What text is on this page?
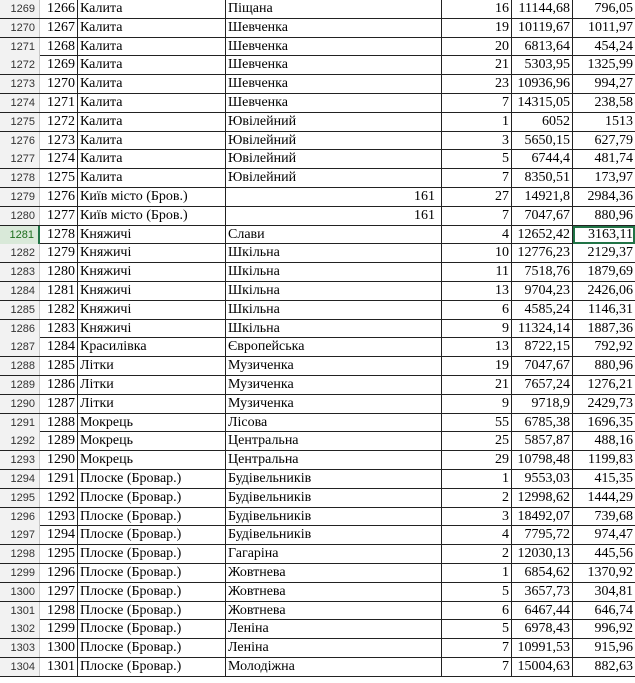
1269 1266 Калита	Піщана	16 11144,68	796,05
1270 1267 Калита	Шевченка	19 10119,67	1011,97
1271 1268 Калита	Шевченка	20	6813,64	454,24
1272 1269 Калита	Шевченка	21	5303,95	1325,99
1273 1270 Калита	Шевченка	23 10936,96	994,27
1274 1271 Калита	Шевченка	7 14315,05	238,58
1275 1272 Калита	Ювілейний	1	6052	1513
1276 1273 Калита	Ювілейний	3	5650,15	627,79
1277 1274 Калита	Ювілейний	5	6744,4	481,74
1278 1275 Калита	Ювілейний	7	8350,51	173,97
1279 1276 Київ місто (Бров.)	161	27	14921,8	2984,36
1280 1277 Київ місто (Бров.)	161	7	7047,67	880,96
1281 1278 Княжичі	Слави	4 12652,42	3163,11
1282 1279 Княжичі	Шкільна	10 12776,23	2129,37
1283 1280 Княжичі	Шкільна	11	7518,76	1879,69
1284 1281 Княжичі	Шкільна	13	9704,23	2426,06
1285 1282 Княжичі	Шкільна	6	4585,24	1146,31
1286 1283 Княжичі	Шкільна	9 11324,14	1887,36
1287 1284 Красилівка	Європейська	13	8722,15	792,92
1288 1285 Літки	Музиченка	19	7047,67	880,96
1289 1286 Літки	Музиченка	21	7657,24	1276,21
1290 1287 Літки	Музиченка	9	9718,9	2429,73
1291 1288 Мокрець	Лісова	55	6785,38	1696,35
1292 1289 Мокрець	Центральна	25	5857,87	488,16
1293 1290 Мокрець	Центральна	29 10798,48	1199,83
1294 1291 Плоске (Бровар.)	Будівельників	1	9553,03	415,35
1295 1292 Плоске (Бровар.)	Будівельників	2 12998,62	1444,29
1296 1293 Плоске (Бровар.)	Будівельників	3 18492,07	739,68
1297 1294 Плоске (Бровар.)	Будівельників	4	7795,72	974,47
1298 1295 Плоске (Бровар.)	Гагаріна	2 12030,13	445,56
1299 1296 Плоске (Бровар.)	Жовтнева	1	6854,62	1370,92
1300 1297 Плоске (Бровар.)	Жовтнева	5	3657,73	304,81
1301 1298 Плоске (Бровар.)	Жовтнева	6	6467,44	646,74
1302 1299 Плоске (Бровар.)	Леніна	5	6978,43	996,92
1303 1300 Плоске (Бровар.)	Леніна	7 10991,53	915,96
1304 1301 Плоске (Бровар.)	Молодіжна	7 15004,63	882,63
